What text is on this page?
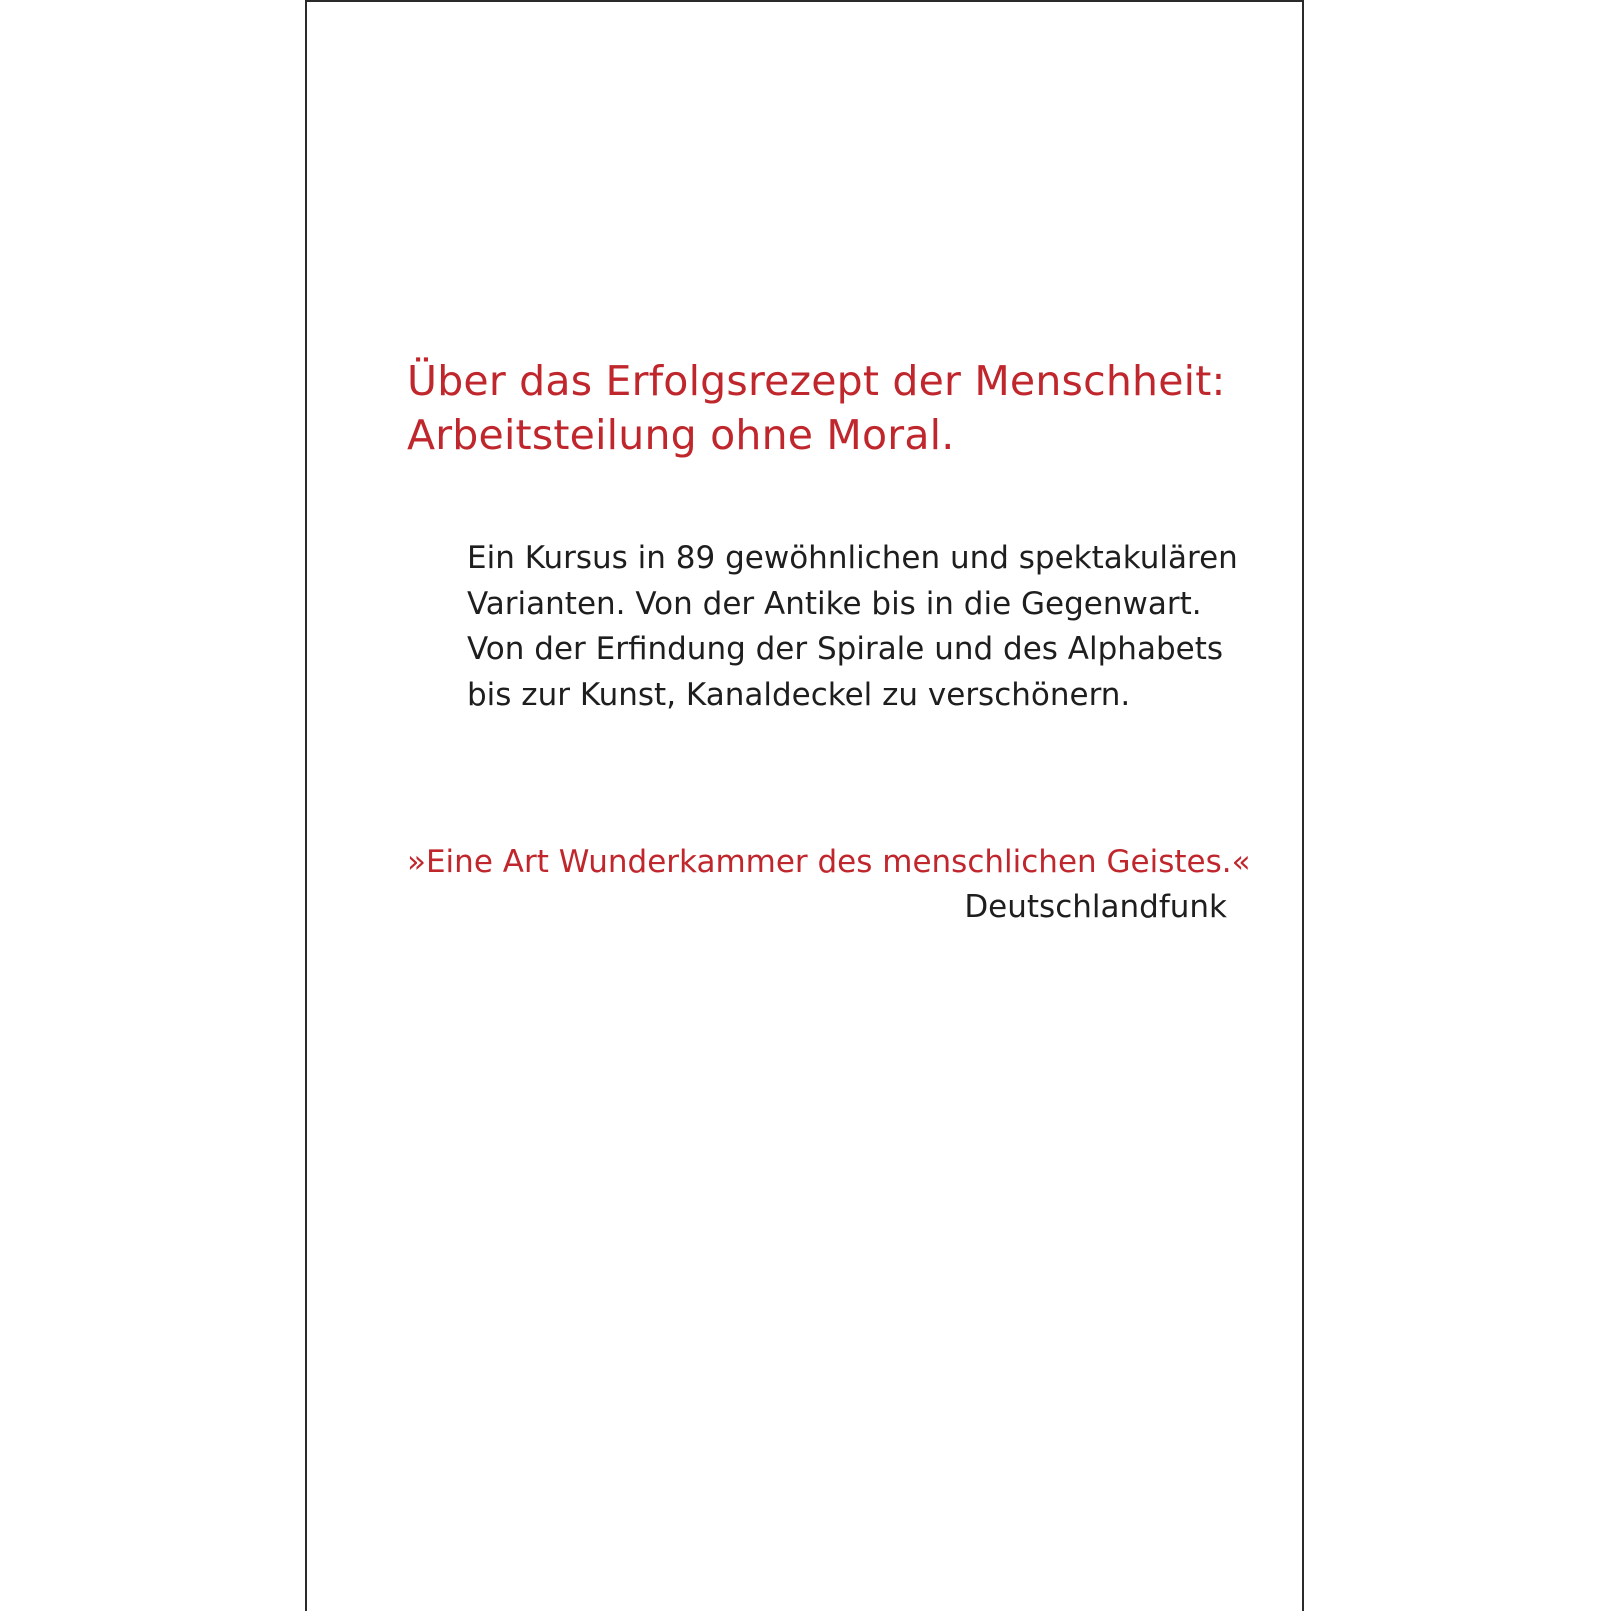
Über das Erfolgsrezept der Menschheit:
Arbeitsteilung ohne Moral.
Ein Kursus in 89 gewöhnlichen und spektakulären
Varianten. Von der Antike bis in die Gegenwart.
Von der Erfindung der Spirale und des Alphabets
bis zur Kunst, Kanaldeckel zu verschönern.
»Eine Art Wunderkammer des menschlichen Geistes.«
Deutschlandfunk
